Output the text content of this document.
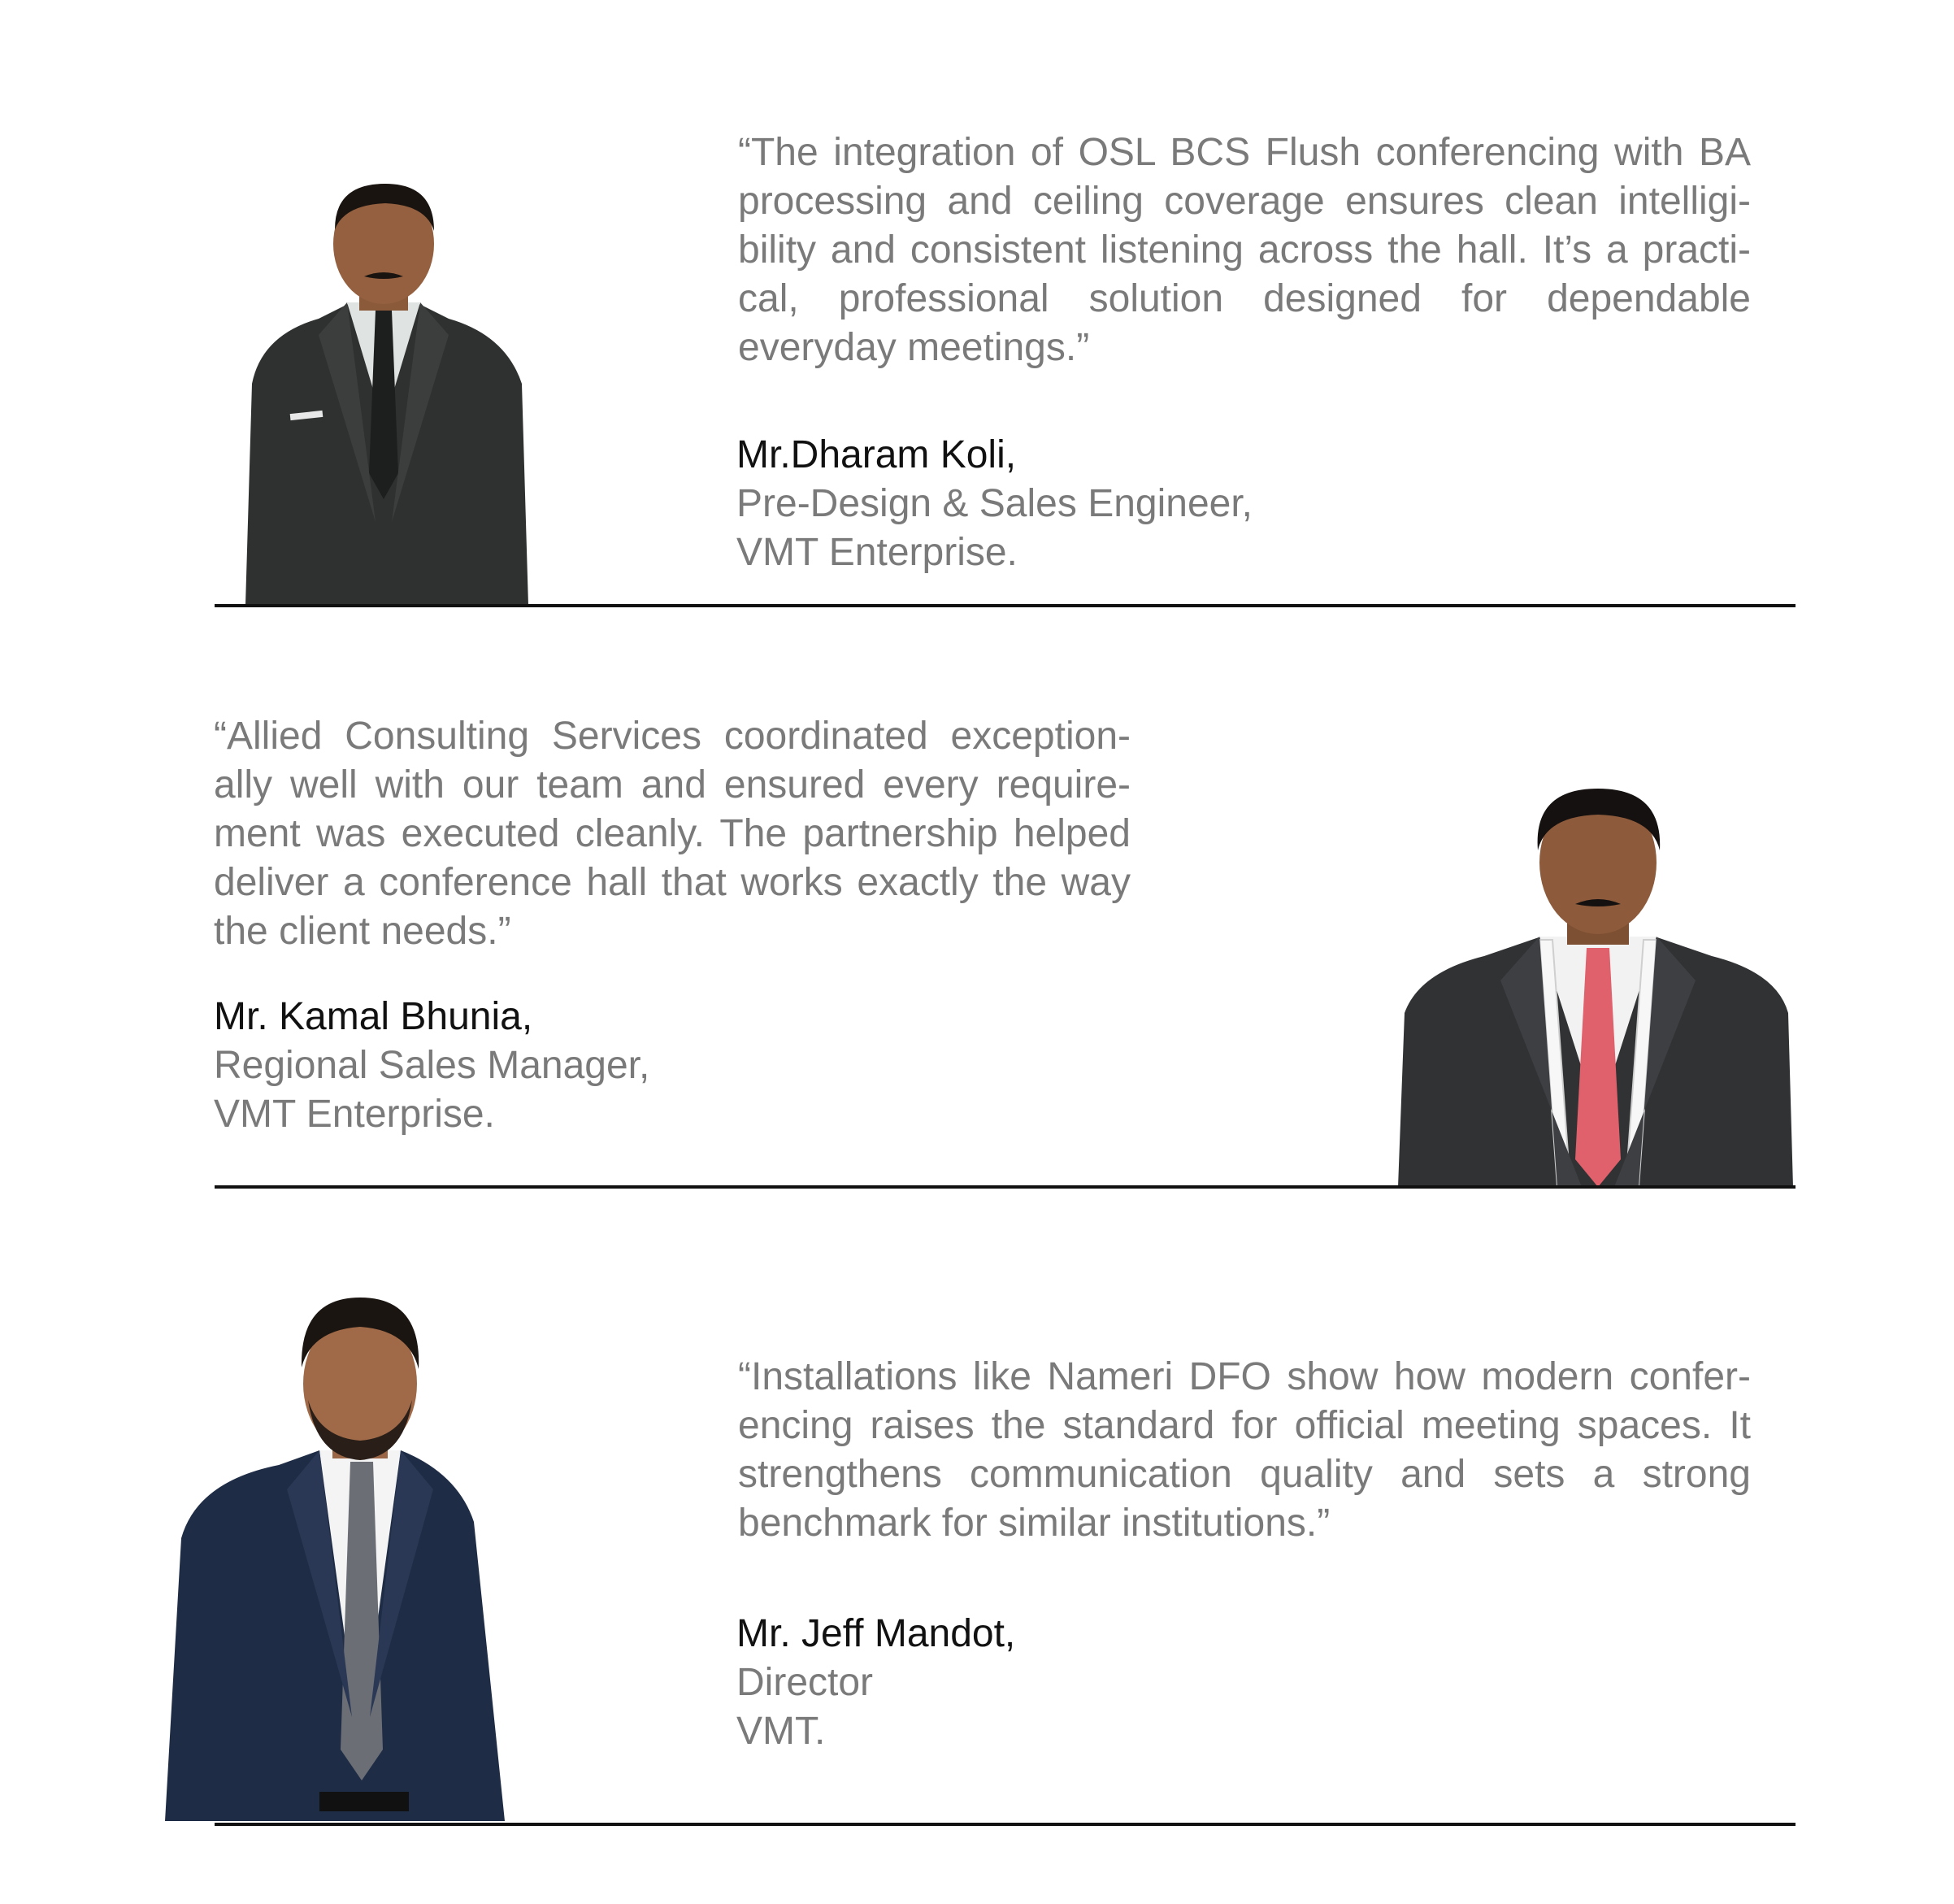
“The integration of OSL BCS Flush conferencing with BA processing and ceiling coverage ensures clean intelligi-bility and consistent listening across the hall. It’s a practi-cal, professional solution designed for dependable everyday meetings.”

Mr.Dharam Koli,

Pre-Design & Sales Engineer,

VMT Enterprise.

“Allied Consulting Services coordinated exception-ally well with our team and ensured every require-ment was executed cleanly. The partnership helped deliver a conference hall that works exactly the way the client needs.”

Mr. Kamal Bhunia,

Regional Sales Manager,

VMT Enterprise.

“Installations like Nameri DFO show how modern confer-encing raises the standard for official meeting spaces. It strengthens communication quality and sets a strong benchmark for similar institutions.”

Mr. Jeff Mandot,

Director

VMT.
